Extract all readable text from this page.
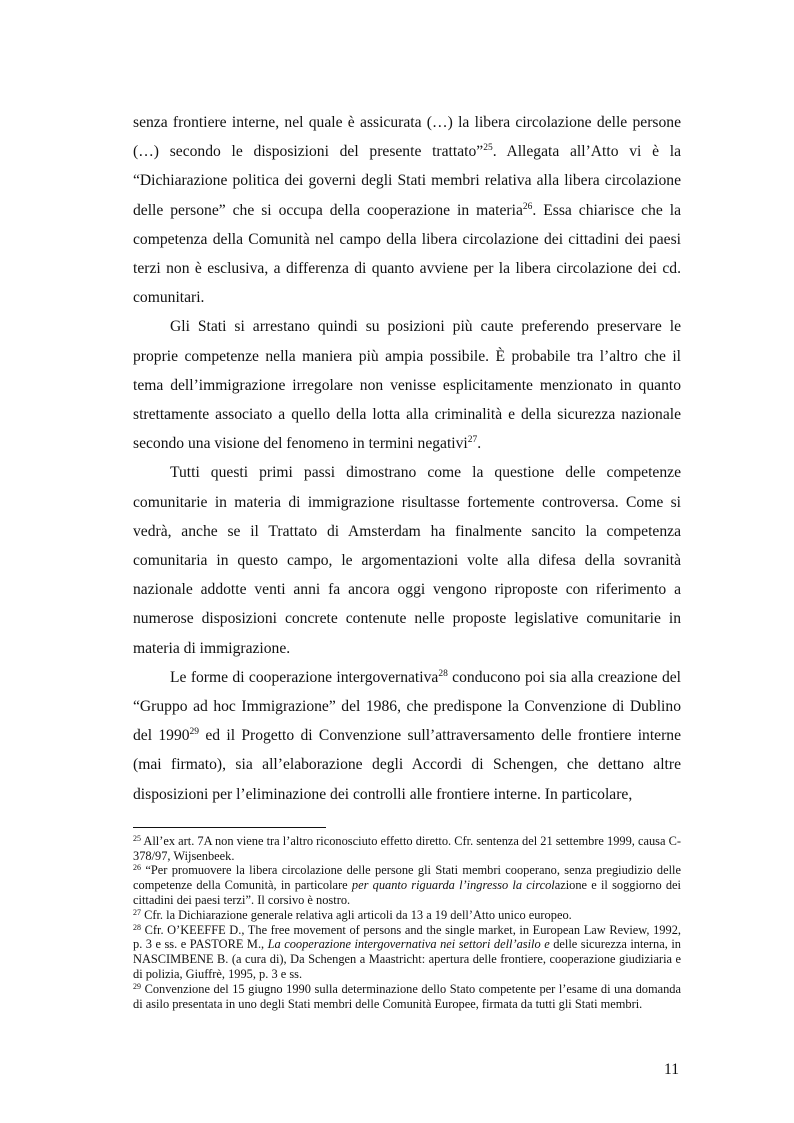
senza frontiere interne, nel quale è assicurata (…) la libera circolazione delle persone (…) secondo le disposizioni del presente trattato”$^{25}$. Allegata all’Atto vi è la “Dichiarazione politica dei governi degli Stati membri relativa alla libera circolazione delle persone” che si occupa della cooperazione in materia$^{26}$. Essa chiarisce che la competenza della Comunità nel campo della libera circolazione dei cittadini dei paesi terzi non è esclusiva, a differenza di quanto avviene per la libera circolazione dei cd. comunitari.

Gli Stati si arrestano quindi su posizioni più caute preferendo preservare le proprie competenze nella maniera più ampia possibile. È probabile tra l’altro che il tema dell’immigrazione irregolare non venisse esplicitamente menzionato in quanto strettamente associato a quello della lotta alla criminalità e della sicurezza nazionale secondo una visione del fenomeno in termini negativi$^{27}$.

Tutti questi primi passi dimostrano come la questione delle competenze comunitarie in materia di immigrazione risultasse fortemente controversa. Come si vedrà, anche se il Trattato di Amsterdam ha finalmente sancito la competenza comunitaria in questo campo, le argomentazioni volte alla difesa della sovranità nazionale addotte venti anni fa ancora oggi vengono riproposte con riferimento a numerose disposizioni concrete contenute nelle proposte legislative comunitarie in materia di immigrazione.

Le forme di cooperazione intergovernativa$^{28}$ conducono poi sia alla creazione del “Gruppo ad hoc Immigrazione” del 1986, che predispone la Convenzione di Dublino del 1990$^{29}$ ed il Progetto di Convenzione sull’attraversamento delle frontiere interne (mai firmato), sia all’elaborazione degli Accordi di Schengen, che dettano altre disposizioni per l’eliminazione dei controlli alle frontiere interne. In particolare,

$^{25}$ All’ex art. 7A non viene tra l’altro riconosciuto effetto diretto. Cfr. sentenza del 21 settembre 1999, causa C-378/97, Wijsenbeek.

$^{26}$ “Per promuovere la libera circolazione delle persone gli Stati membri cooperano, senza pregiudizio delle competenze della Comunità, in particolare per quanto riguarda l’ingresso la circolazione e il soggiorno dei cittadini dei paesi terzi”. Il corsivo è nostro.

$^{27}$ Cfr. la Dichiarazione generale relativa agli articoli da 13 a 19 dell’Atto unico europeo.

$^{28}$ Cfr. O’KEEFFE D., The free movement of persons and the single market, in European Law Review, 1992, p. 3 e ss. e PASTORE M., La cooperazione intergovernativa nei settori dell’asilo e delle sicurezza interna, in NASCIMBENE B. (a cura di), Da Schengen a Maastricht: apertura delle frontiere, cooperazione giudiziaria e di polizia, Giuffrè, 1995, p. 3 e ss.

$^{29}$ Convenzione del 15 giugno 1990 sulla determinazione dello Stato competente per l’esame di una domanda di asilo presentata in uno degli Stati membri delle Comunità Europee, firmata da tutti gli Stati membri.

11
